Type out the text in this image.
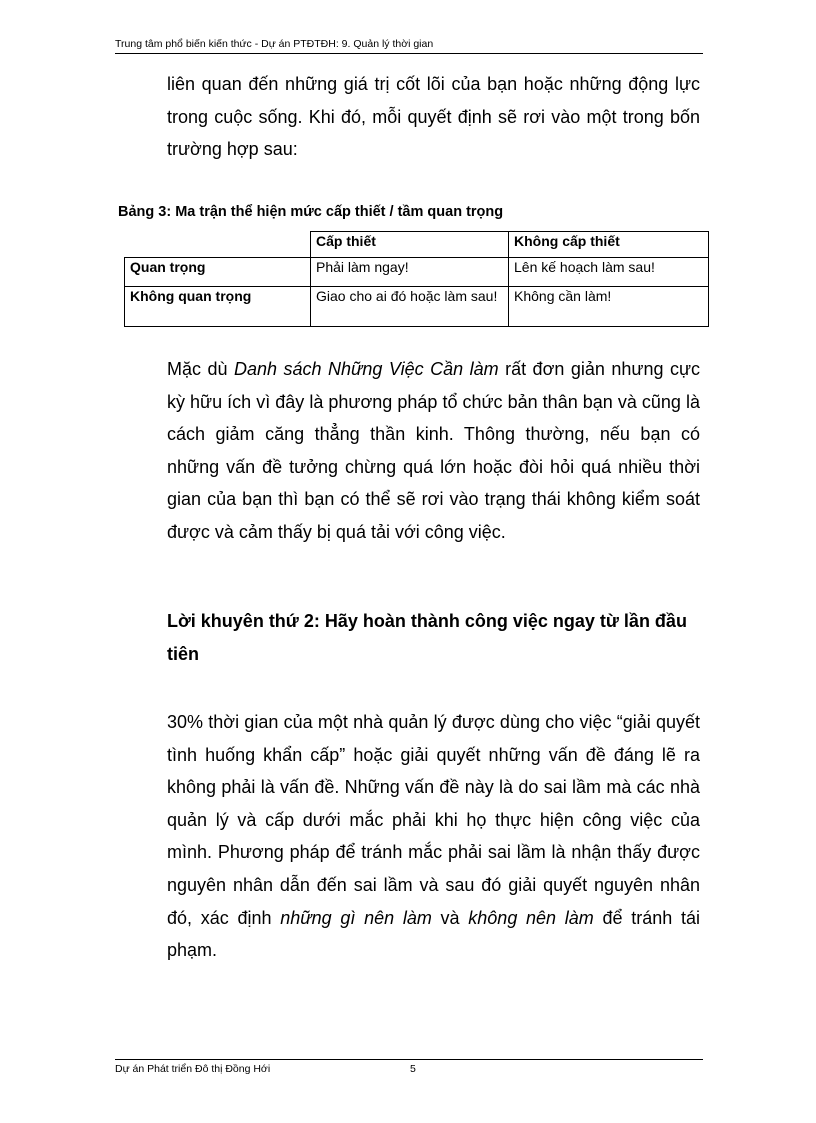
Trung tâm phổ biến kiến thức - Dự án PTĐTĐH: 9. Quản lý thời gian

liên quan đến những giá trị cốt lõi của bạn hoặc những động lực trong cuộc sống. Khi đó, mỗi quyết định sẽ rơi vào một trong bốn trường hợp sau:

Bảng 3: Ma trận thể hiện mức cấp thiết / tầm quan trọng
	Cấp thiết	Không cấp thiết
Quan trọng	Phải làm ngay!	Lên kế hoạch làm sau!
Không quan trọng	Giao cho ai đó hoặc làm sau!	Không cần làm!

Mặc dù Danh sách Những Việc Cần làm rất đơn giản nhưng cực kỳ hữu ích vì đây là phương pháp tổ chức bản thân bạn và cũng là cách giảm căng thẳng thần kinh. Thông thường, nếu bạn có những vấn đề tưởng chừng quá lớn hoặc đòi hỏi quá nhiều thời gian của bạn thì bạn có thể sẽ rơi vào trạng thái không kiểm soát được và cảm thấy bị quá tải với công việc.

Lời khuyên thứ 2: Hãy hoàn thành công việc ngay từ lần đầu tiên

30% thời gian của một nhà quản lý được dùng cho việc “giải quyết tình huống khẩn cấp” hoặc giải quyết những vấn đề đáng lẽ ra không phải là vấn đề. Những vấn đề này là do sai lầm mà các nhà quản lý và cấp dưới mắc phải khi họ thực hiện công việc của mình. Phương pháp để tránh mắc phải sai lầm là nhận thấy được nguyên nhân dẫn đến sai lầm và sau đó giải quyết nguyên nhân đó, xác định những gì nên làm và không nên làm để tránh tái phạm.

Dự án Phát triển Đô thị Đồng Hới	5
